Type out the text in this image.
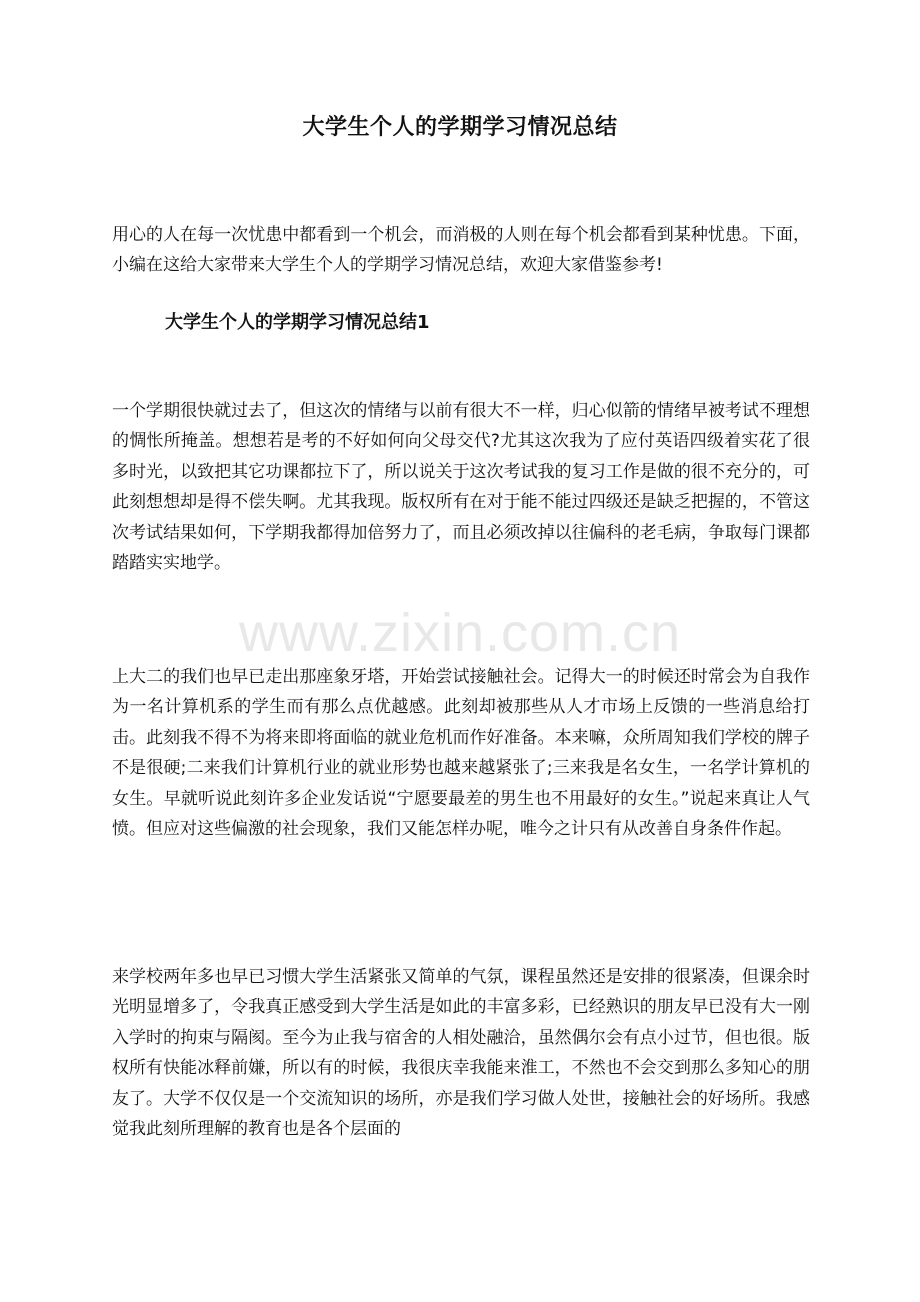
大学生个人的学期学习情况总结

用心的人在每一次忧患中都看到一个机会，而消极的人则在每个机会都看到某种忧患。下面，小编在这给大家带来大学生个人的学期学习情况总结，欢迎大家借鉴参考!

大学生个人的学期学习情况总结1

一个学期很快就过去了，但这次的情绪与以前有很大不一样，归心似箭的情绪早被考试不理想的惆怅所掩盖。想想若是考的不好如何向父母交代?尤其这次我为了应付英语四级着实花了很多时光，以致把其它功课都拉下了，所以说关于这次考试我的复习工作是做的很不充分的，可此刻想想却是得不偿失啊。尤其我现。版权所有在对于能不能过四级还是缺乏把握的，不管这次考试结果如何，下学期我都得加倍努力了，而且必须改掉以往偏科的老毛病，争取每门课都踏踏实实地学。

上大二的我们也早已走出那座象牙塔，开始尝试接触社会。记得大一的时候还时常会为自我作为一名计算机系的学生而有那么点优越感。此刻却被那些从人才市场上反馈的一些消息给打击。此刻我不得不为将来即将面临的就业危机而作好准备。本来嘛，众所周知我们学校的牌子不是很硬;二来我们计算机行业的就业形势也越来越紧张了;三来我是名女生，一名学计算机的女生。早就听说此刻许多企业发话说“宁愿要最差的男生也不用最好的女生。”说起来真让人气愤。但应对这些偏激的社会现象，我们又能怎样办呢，唯今之计只有从改善自身条件作起。

来学校两年多也早已习惯大学生活紧张又简单的气氛，课程虽然还是安排的很紧凑，但课余时光明显增多了，令我真正感受到大学生活是如此的丰富多彩，已经熟识的朋友早已没有大一刚入学时的拘束与隔阂。至今为止我与宿舍的人相处融洽，虽然偶尔会有点小过节，但也很。版权所有快能冰释前嫌，所以有的时候，我很庆幸我能来淮工，不然也不会交到那么多知心的朋友了。大学不仅仅是一个交流知识的场所，亦是我们学习做人处世，接触社会的好场所。我感觉我此刻所理解的教育也是各个层面的

www.zixin.com.cn
